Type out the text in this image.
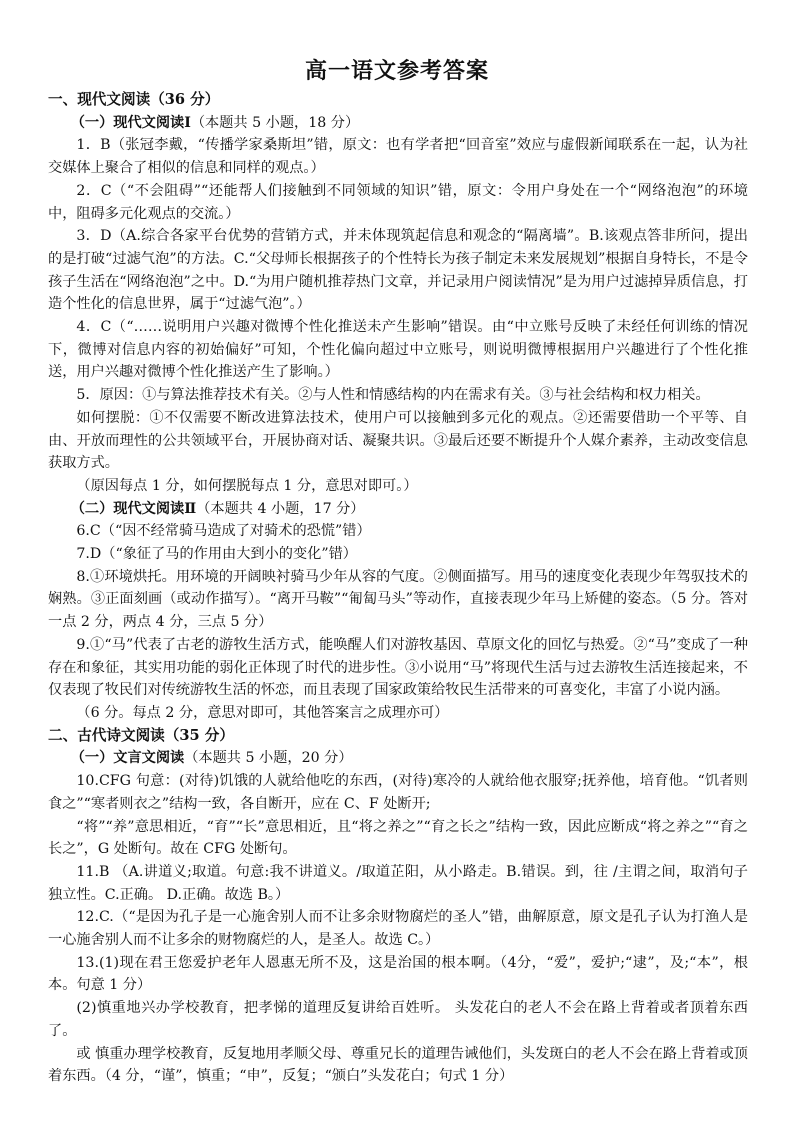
高一语文参考答案

一、现代文阅读（36 分）

（一）现代文阅读Ⅰ（本题共 5 小题，18 分）

1．B（张冠李戴，“传播学家桑斯坦”错，原文：也有学者把“回音室”效应与虚假新闻联系在一起，认为社交媒体上聚合了相似的信息和同样的观点。）

2．C（“不会阻碍”“还能帮人们接触到不同领域的知识”错，原文：令用户身处在一个“网络泡泡”的环境中，阻碍多元化观点的交流。）

3．D（A.综合各家平台优势的营销方式，并未体现筑起信息和观念的“隔离墙”。B.该观点答非所问，提出的是打破“过滤气泡”的方法。C.“父母师长根据孩子的个性特长为孩子制定未来发展规划”根据自身特长，不是令孩子生活在“网络泡泡”之中。D.“为用户随机推荐热门文章，并记录用户阅读情况”是为用户过滤掉异质信息，打造个性化的信息世界，属于“过滤气泡”。）

4．C（“……说明用户兴趣对微博个性化推送未产生影响”错误。由“中立账号反映了未经任何训练的情况下，微博对信息内容的初始偏好”可知，个性化偏向超过中立账号，则说明微博根据用户兴趣进行了个性化推送，用户兴趣对微博个性化推送产生了影响。）

5．原因：①与算法推荐技术有关。②与人性和情感结构的内在需求有关。③与社会结构和权力相关。

如何摆脱：①不仅需要不断改进算法技术，使用户可以接触到多元化的观点。②还需要借助一个平等、自由、开放而理性的公共领域平台，开展协商对话、凝聚共识。③最后还要不断提升个人媒介素养，主动改变信息获取方式。

（原因每点 1 分，如何摆脱每点 1 分，意思对即可。）

（二）现代文阅读Ⅱ（本题共 4 小题，17 分）

6.C（“因不经常骑马造成了对骑术的恐慌”错）

7.D（“象征了马的作用由大到小的变化”错）

8.①环境烘托。用环境的开阔映衬骑马少年从容的气度。②侧面描写。用马的速度变化表现少年驾驭技术的娴熟。③正面刻画（或动作描写）。“离开马鞍”“匍匐马头”等动作，直接表现少年马上矫健的姿态。（5 分。答对一点 2 分，两点 4 分，三点 5 分）

9.①“马”代表了古老的游牧生活方式，能唤醒人们对游牧基因、草原文化的回忆与热爱。②“马”变成了一种存在和象征，其实用功能的弱化正体现了时代的进步性。③小说用“马”将现代生活与过去游牧生活连接起来，不仅表现了牧民们对传统游牧生活的怀恋，而且表现了国家政策给牧民生活带来的可喜变化，丰富了小说内涵。

（6 分。每点 2 分，意思对即可，其他答案言之成理亦可）

二、古代诗文阅读（35 分）

（一）文言文阅读（本题共 5 小题，20 分）

10.CFG 句意：(对待)饥饿的人就给他吃的东西，(对待)寒冷的人就给他衣服穿;抚养他，培育他。“饥者则食之”“寒者则衣之”结构一致，各自断开，应在 C、F 处断开;

“将”“养”意思相近，“育”“长”意思相近，且“将之养之”“育之长之”结构一致，因此应断成“将之养之”“育之长之”，G 处断句。故在 CFG 处断句。

11.B （A.讲道义;取道。句意:我不讲道义。/取道芷阳，从小路走。B.错误。到，往 /主谓之间，取消句子独立性。C.正确。 D.正确。故选 B。）

12.C.（“是因为孔子是一心施舍别人而不让多余财物腐烂的圣人”错，曲解原意，原文是孔子认为打渔人是一心施舍别人而不让多余的财物腐烂的人，是圣人。故选 C。）

13.(1)现在君王您爱护老年人恩惠无所不及，这是治国的根本啊。（4分，“爱”，爱护;“逮”，及;“本”，根本。句意 1 分）

(2)慎重地兴办学校教育，把孝悌的道理反复讲给百姓听。 头发花白的老人不会在路上背着或者顶着东西了。

或 慎重办理学校教育，反复地用孝顺父母、尊重兄长的道理告诫他们，头发斑白的老人不会在路上背着或顶着东西。（4 分，“谨”，慎重；“申”，反复；“颁白”头发花白；句式 1 分）
